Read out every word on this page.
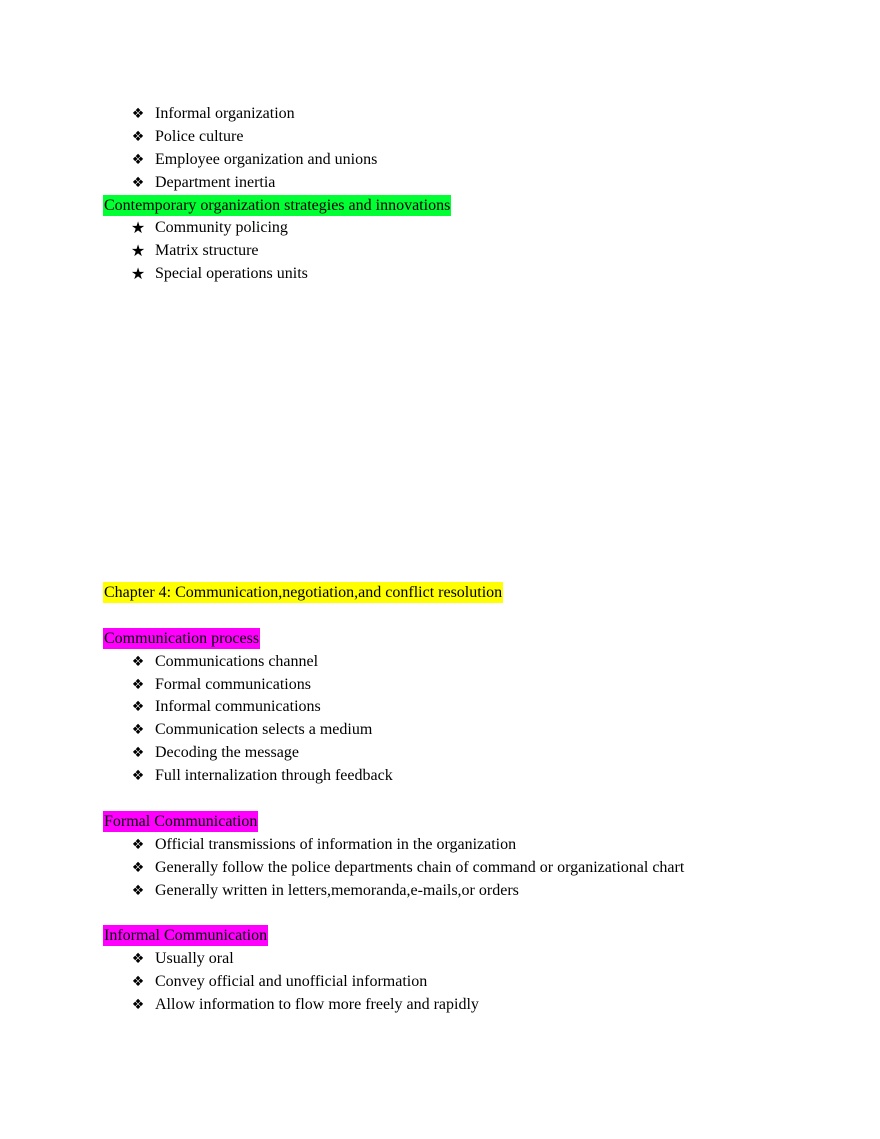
❖ Informal organization
❖ Police culture
❖ Employee organization and unions
❖ Department inertia
Contemporary organization strategies and innovations
★ Community policing
★ Matrix structure
★ Special operations units
Chapter 4: Communication,negotiation,and conflict resolution
Communication process
❖ Communications channel
❖ Formal communications
❖ Informal communications
❖ Communication selects a medium
❖ Decoding the message
❖ Full internalization through feedback
Formal Communication
❖ Official transmissions of information in the organization
❖ Generally follow the police departments chain of command or organizational chart
❖ Generally written in letters,memoranda,e-mails,or orders
Informal Communication
❖ Usually oral
❖ Convey official and unofficial information
❖ Allow information to flow more freely and rapidly
